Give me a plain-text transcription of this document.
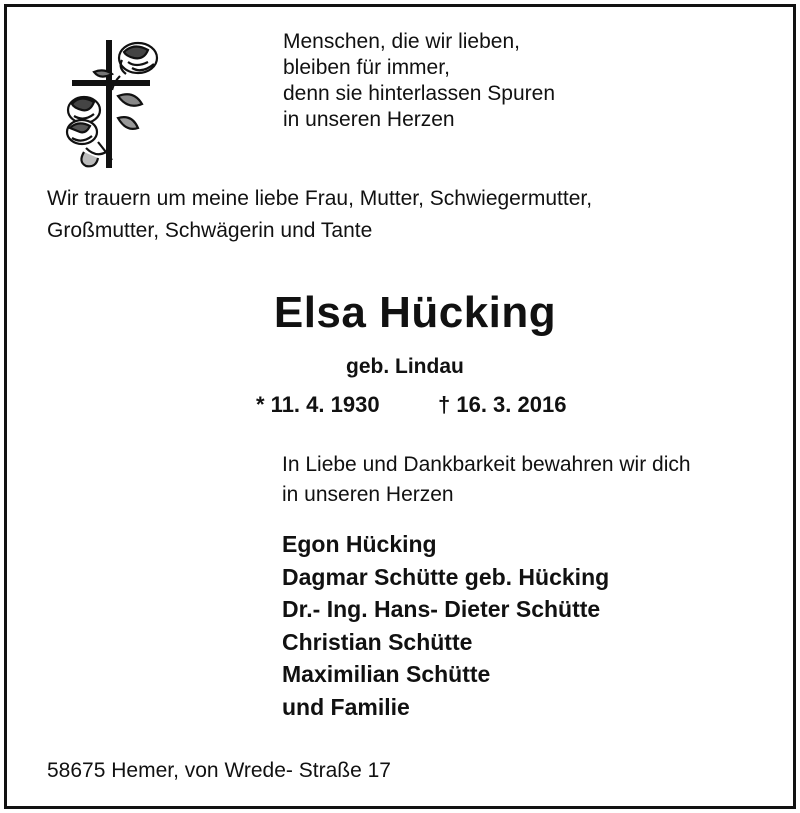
Menschen, die wir lieben,
bleiben für immer,
denn sie hinterlassen Spuren
in unseren Herzen
Wir trauern um meine liebe Frau, Mutter, Schwiegermutter,
Großmutter, Schwägerin und Tante
Elsa Hücking
geb. Lindau
* 11. 4. 1930	† 16. 3. 2016
In Liebe und Dankbarkeit bewahren wir dich
in unseren Herzen
Egon Hücking
Dagmar Schütte geb. Hücking
Dr.- Ing. Hans- Dieter Schütte
Christian Schütte
Maximilian Schütte
und Familie
58675 Hemer, von Wrede- Straße 17
